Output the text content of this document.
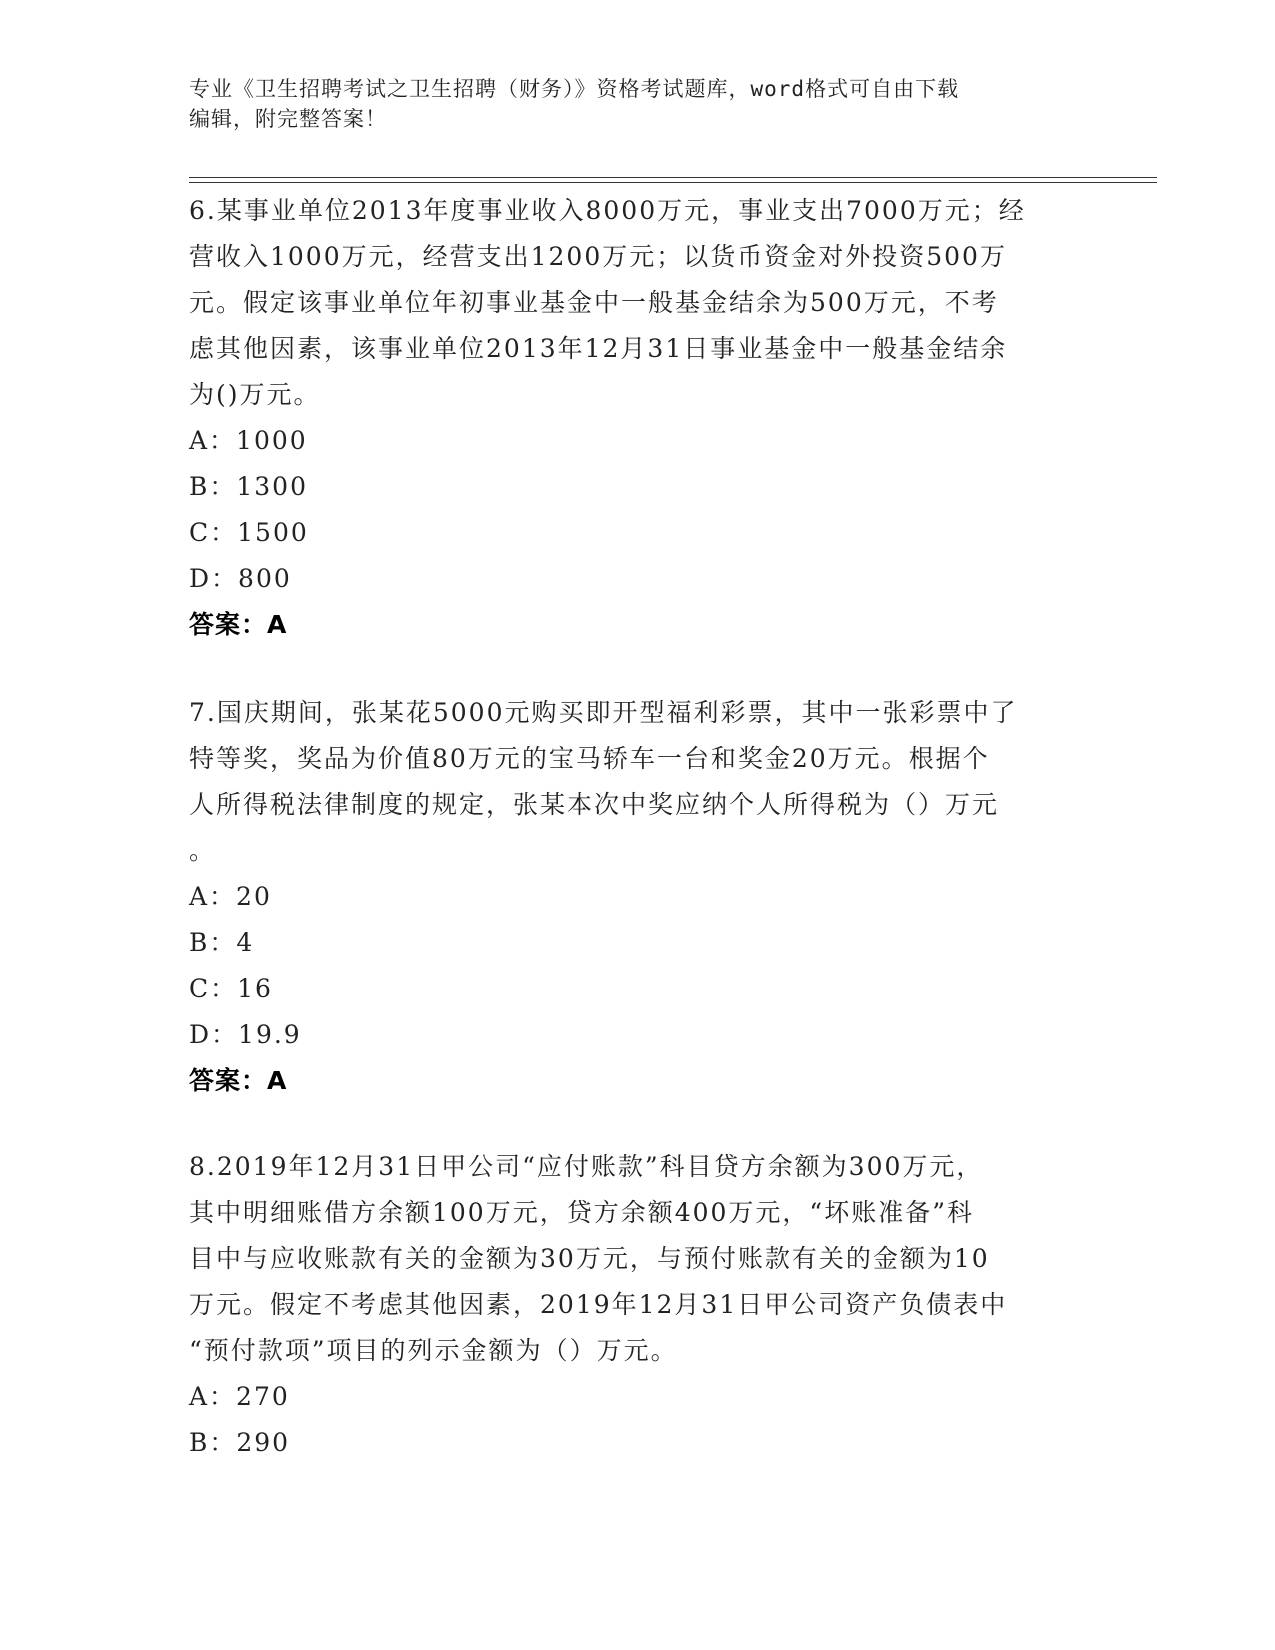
专业《卫生招聘考试之卫生招聘（财务）》资格考试题库，word格式可自由下载

编辑，附完整答案！

6.某事业单位2013年度事业收入8000万元，事业支出7000万元；经

营收入1000万元，经营支出1200万元；以货币资金对外投资500万

元。假定该事业单位年初事业基金中一般基金结余为500万元，不考

虑其他因素，该事业单位2013年12月31日事业基金中一般基金结余

为()万元。

A：1000

B：1300

C：1500

D：800

答案：A

7.国庆期间，张某花5000元购买即开型福利彩票，其中一张彩票中了

特等奖，奖品为价值80万元的宝马轿车一台和奖金20万元。根据个

人所得税法律制度的规定，张某本次中奖应纳个人所得税为（）万元

。

A：20

B：4

C：16

D：19.9

答案：A

8.2019年12月31日甲公司“应付账款”科目贷方余额为300万元，

其中明细账借方余额100万元，贷方余额400万元，“坏账准备”科

目中与应收账款有关的金额为30万元，与预付账款有关的金额为10

万元。假定不考虑其他因素，2019年12月31日甲公司资产负债表中

“预付款项”项目的列示金额为（）万元。

A：270

B：290
